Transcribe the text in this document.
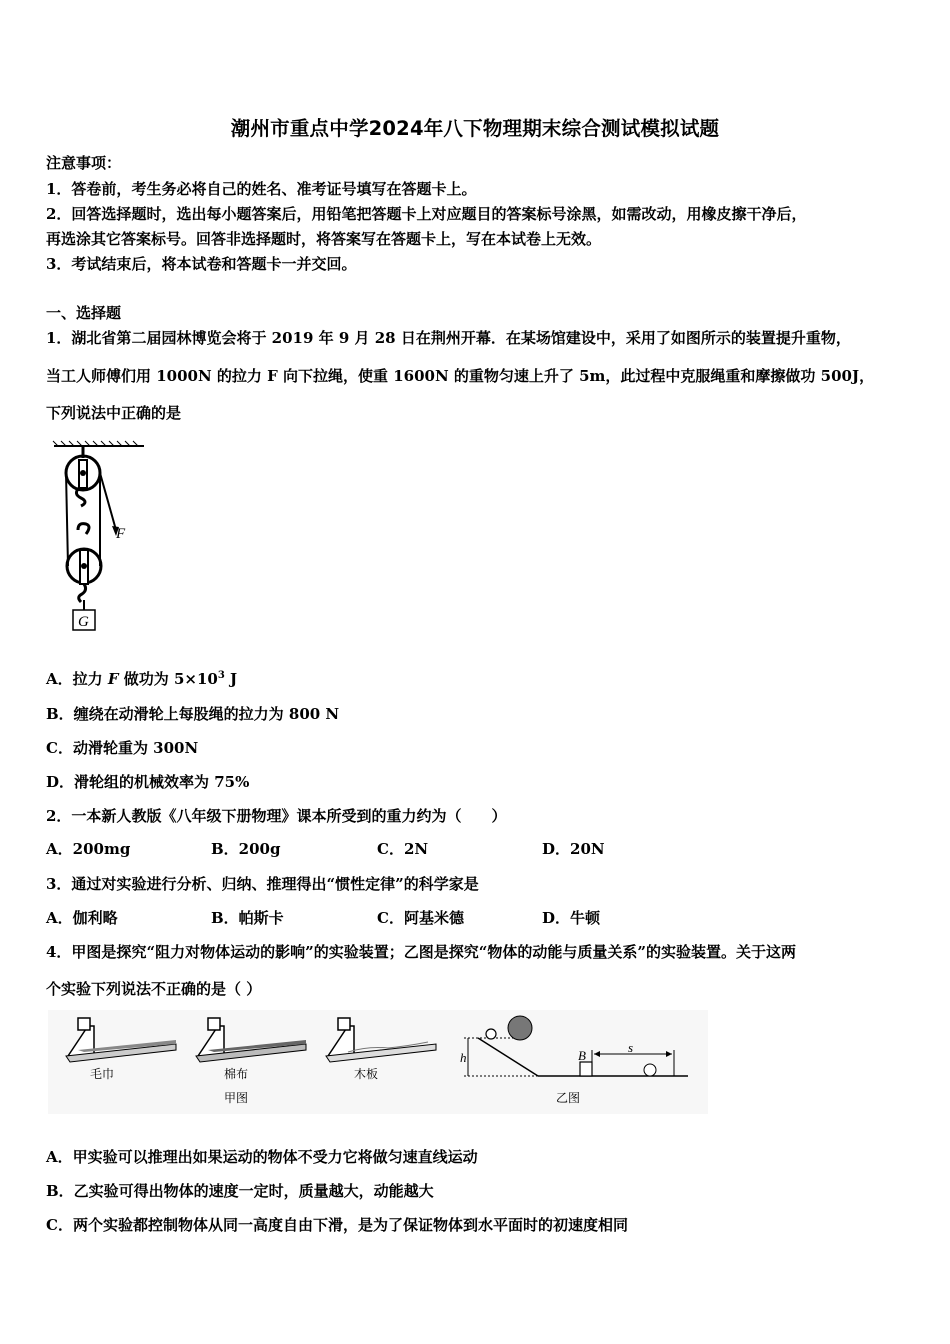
潮州市重点中学2024年八下物理期末综合测试模拟试题
注意事项：
1．答卷前，考生务必将自己的姓名、准考证号填写在答题卡上。
2．回答选择题时，选出每小题答案后，用铅笔把答题卡上对应题目的答案标号涂黑，如需改动，用橡皮擦干净后，
再选涂其它答案标号。回答非选择题时，将答案写在答题卡上，写在本试卷上无效。
3．考试结束后，将本试卷和答题卡一并交回。
一、选择题
1．湖北省第二届园林博览会将于 2019 年 9 月 28 日在荆州开幕．在某场馆建设中，采用了如图所示的装置提升重物，
当工人师傅们用 1000N 的拉力 F 向下拉绳，使重 1600N 的重物匀速上升了 5m，此过程中克服绳重和摩擦做功 500J，
下列说法中正确的是
F
G
A．拉力 F 做功为 $5\times 10^3$ J
B．缠绕在动滑轮上每股绳的拉力为 800 N
C．动滑轮重为 300N
D．滑轮组的机械效率为 75%
2．一本新人教版《八年级下册物理》课本所受到的重力约为（　　）
A．200mg	B．200g	C．2N	D．20N
3．通过对实验进行分析、归纳、推理得出“惯性定律”的科学家是
A．伽利略	B．帕斯卡	C．阿基米德	D．牛顿
4．甲图是探究“阻力对物体运动的影响”的实验装置；乙图是探究“物体的动能与质量关系”的实验装置。关于这两
个实验下列说法不正确的是（ ）
毛巾	棉布	木板
甲图
h	B
s
乙图
A．甲实验可以推理出如果运动的物体不受力它将做匀速直线运动
B．乙实验可得出物体的速度一定时，质量越大，动能越大
C．两个实验都控制物体从同一高度自由下滑，是为了保证物体到水平面时的初速度相同
